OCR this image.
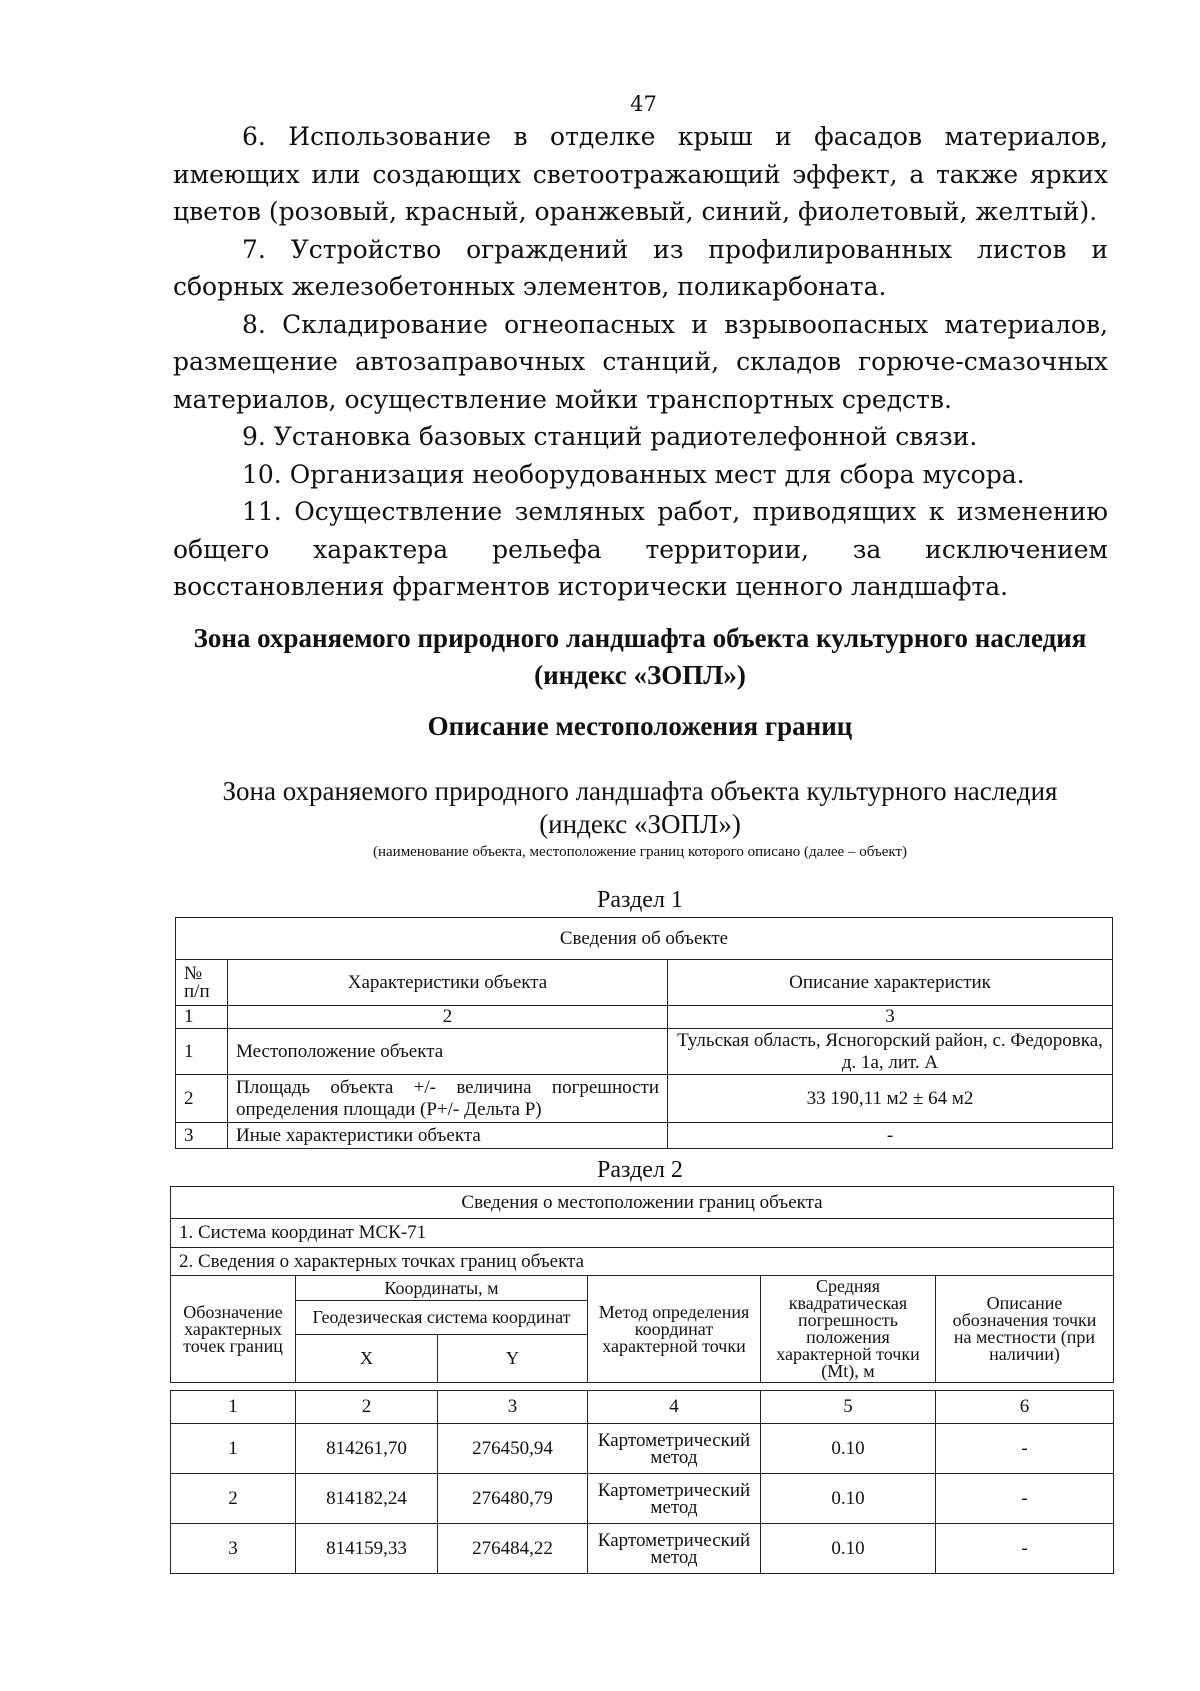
47

6. Использование в отделке крыш и фасадов материалов, имеющих или создающих светоотражающий эффект, а также ярких цветов (розовый, красный, оранжевый, синий, фиолетовый, желтый).

7. Устройство ограждений из профилированных листов и сборных железобетонных элементов, поликарбоната.

8. Складирование огнеопасных и взрывоопасных материалов, размещение автозаправочных станций, складов горюче-смазочных материалов, осуществление мойки транспортных средств.

9. Установка базовых станций радиотелефонной связи.

10. Организация необорудованных мест для сбора мусора.

11. Осуществление земляных работ, приводящих к изменению общего характера рельефа территории, за исключением восстановления фрагментов исторически ценного ландшафта.

Зона охраняемого природного ландшафта объекта культурного наследия
(индекс «ЗОПЛ»)
Описание местоположения границ
Зона охраняемого природного ландшафта объекта культурного наследия
(индекс «ЗОПЛ»)
(наименование объекта, местоположение границ которого описано (далее – объект)
Раздел 1
Сведения об объекте		
№ п/п	Характеристики объекта	Описание характеристик
1	2	3
1	Местоположение объекта	Тульская область, Ясногорский район, с. Федоровка, д. 1а, лит. А
2	Площадь объекта +/- величина погрешности определения площади (Р+/- Дельта Р)	33 190,11 м2 ± 64 м2
3	Иные характеристики объекта	-
Раздел 2
Сведения о местоположении границ объекта
1. Система координат МСК-71
2. Сведения о характерных точках границ объекта
Обозначение характерных точек границ	Координаты, м		Метод определения координат характерной точки	Средняя квадратическая погрешность положения характерной точки (Mt), м	Описание обозначения точки на местности (при наличии)
	Геодезическая система координат				
	X	Y			
1	2	3	4	5	6
1	814261,70	276450,94	Картометрический метод	0.10	-
2	814182,24	276480,79	Картометрический метод	0.10	-
3	814159,33	276484,22	Картометрический метод	0.10	-
